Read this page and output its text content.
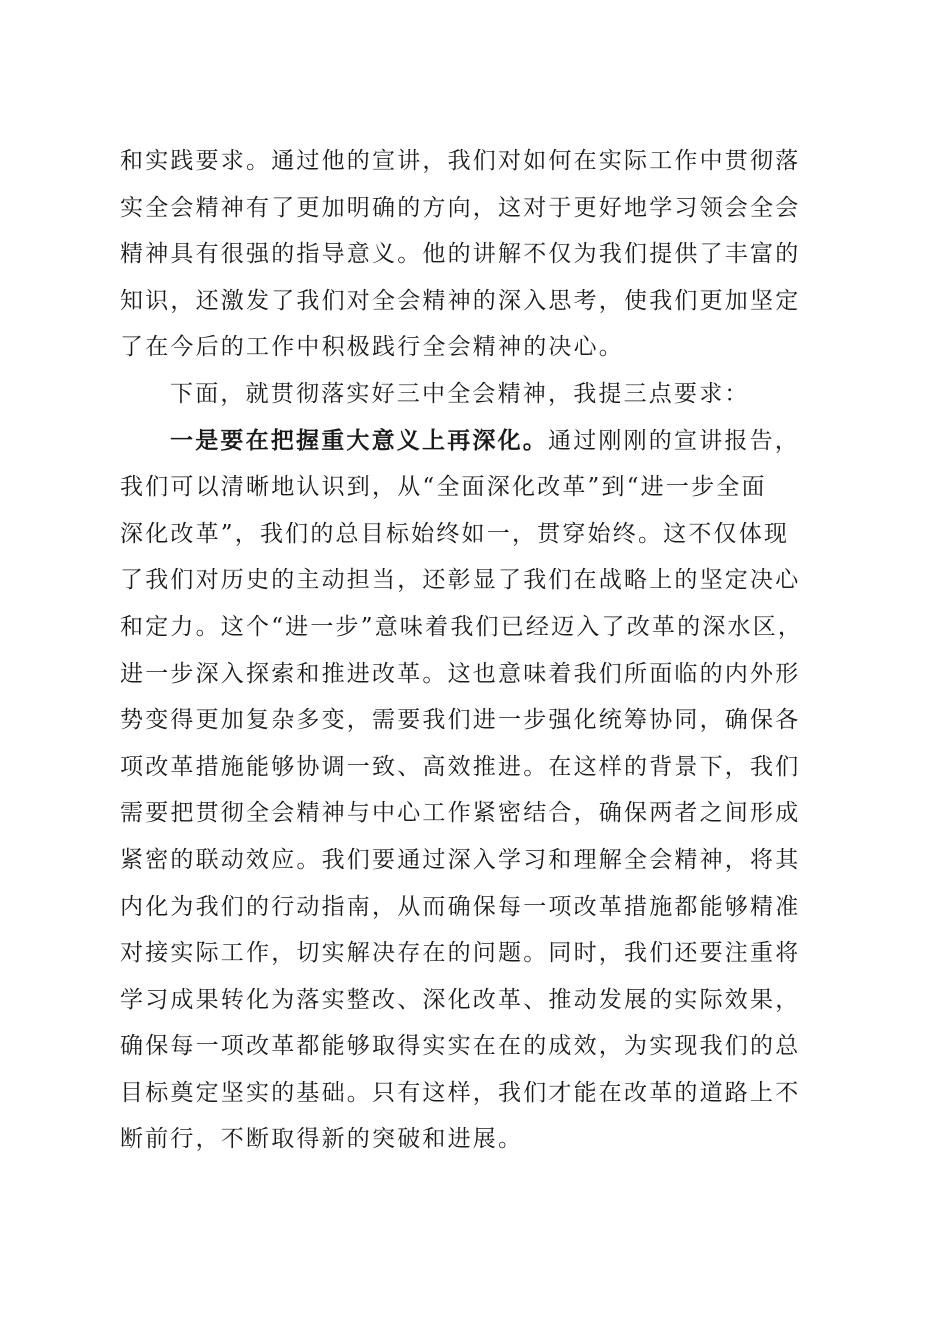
和实践要求。通过他的宣讲，我们对如何在实际工作中贯彻落
实全会精神有了更加明确的方向，这对于更好地学习领会全会
精神具有很强的指导意义。他的讲解不仅为我们提供了丰富的
知识，还激发了我们对全会精神的深入思考，使我们更加坚定
了在今后的工作中积极践行全会精神的决心。
下面，就贯彻落实好三中全会精神，我提三点要求：
一是要在把握重大意义上再深化。通过刚刚的宣讲报告，
我们可以清晰地认识到，从“全面深化改革”到“进一步全面
深化改革”，我们的总目标始终如一，贯穿始终。这不仅体现
了我们对历史的主动担当，还彰显了我们在战略上的坚定决心
和定力。这个“进一步”意味着我们已经迈入了改革的深水区，
进一步深入探索和推进改革。这也意味着我们所面临的内外形
势变得更加复杂多变，需要我们进一步强化统筹协同，确保各
项改革措施能够协调一致、高效推进。在这样的背景下，我们
需要把贯彻全会精神与中心工作紧密结合，确保两者之间形成
紧密的联动效应。我们要通过深入学习和理解全会精神，将其
内化为我们的行动指南，从而确保每一项改革措施都能够精准
对接实际工作，切实解决存在的问题。同时，我们还要注重将
学习成果转化为落实整改、深化改革、推动发展的实际效果，
确保每一项改革都能够取得实实在在的成效，为实现我们的总
目标奠定坚实的基础。只有这样，我们才能在改革的道路上不
断前行，不断取得新的突破和进展。
